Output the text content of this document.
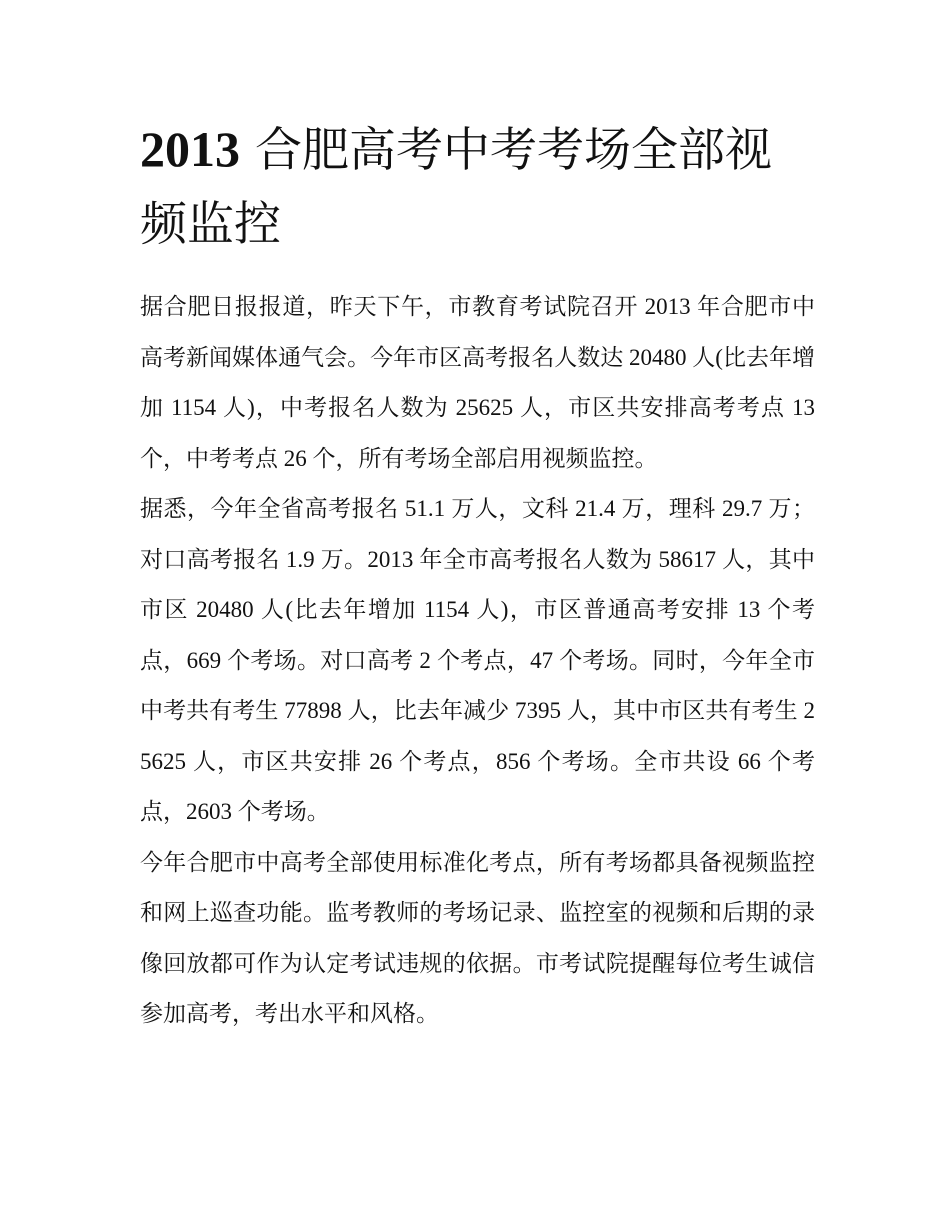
2013 合肥高考中考考场全部视频监控

据合肥日报报道，昨天下午，市教育考试院召开 2013 年合肥市中高考新闻媒体通气会。今年市区高考报名人数达 20480 人(比去年增加 1154 人)，中考报名人数为 25625 人，市区共安排高考考点 13 个，中考考点 26 个，所有考场全部启用视频监控。

据悉，今年全省高考报名 51.1 万人，文科 21.4 万，理科 29.7 万；对口高考报名 1.9 万。2013 年全市高考报名人数为 58617 人，其中市区 20480 人(比去年增加 1154 人)，市区普通高考安排 13 个考点，669 个考场。对口高考 2 个考点，47 个考场。同时，今年全市中考共有考生 77898 人，比去年减少 7395 人，其中市区共有考生 25625 人，市区共安排 26 个考点，856 个考场。全市共设 66 个考点，2603 个考场。

今年合肥市中高考全部使用标准化考点，所有考场都具备视频监控和网上巡查功能。监考教师的考场记录、监控室的视频和后期的录像回放都可作为认定考试违规的依据。市考试院提醒每位考生诚信参加高考，考出水平和风格。
